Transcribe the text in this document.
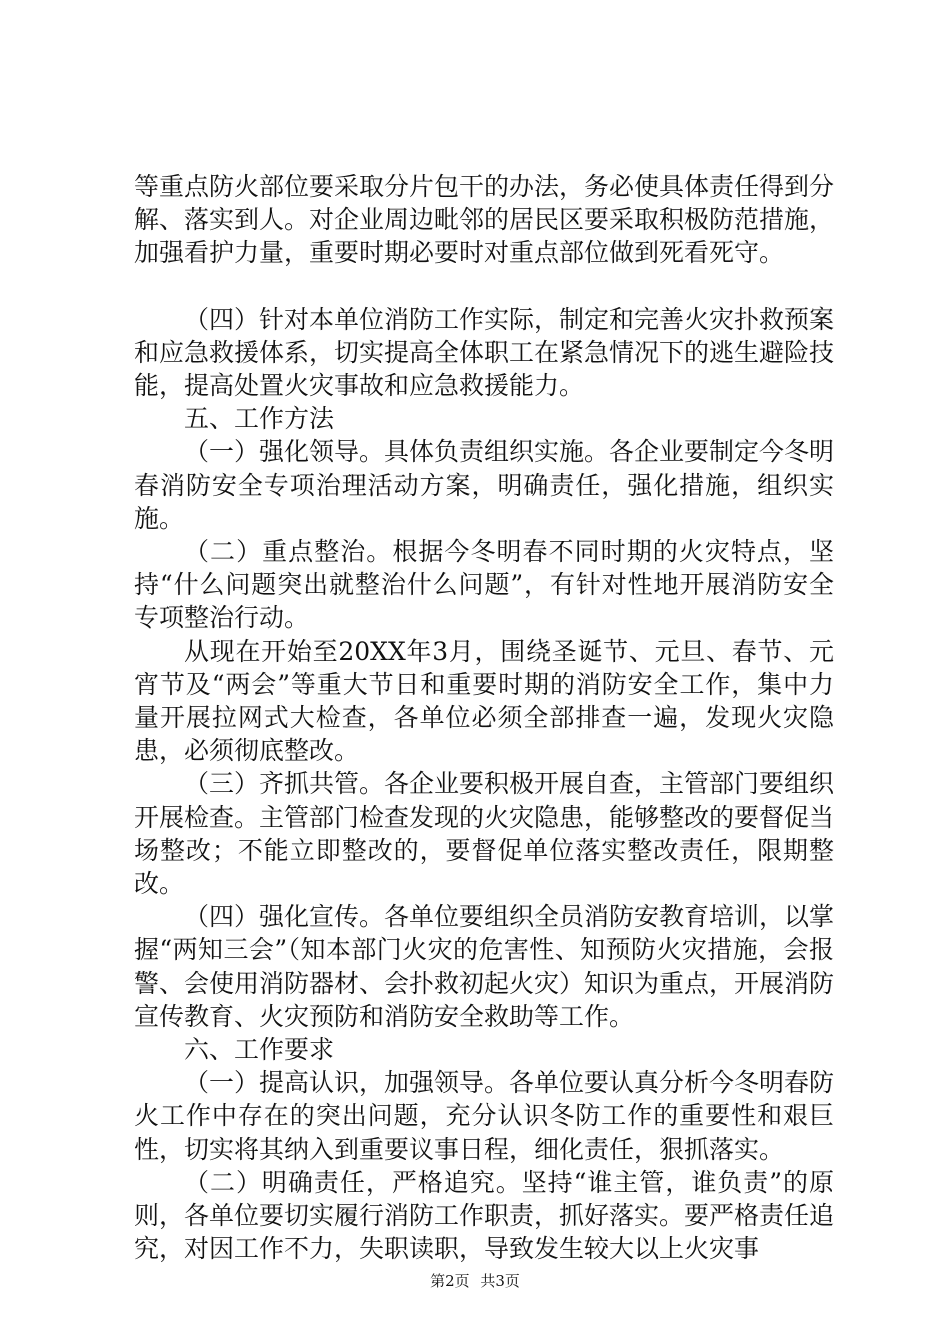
等重点防火部位要采取分片包干的办法，务必使具体责任得到分解、落实到人。对企业周边毗邻的居民区要采取积极防范措施，加强看护力量，重要时期必要时对重点部位做到死看死守。

（四）针对本单位消防工作实际，制定和完善火灾扑救预案和应急救援体系，切实提高全体职工在紧急情况下的逃生避险技能，提高处置火灾事故和应急救援能力。

五、工作方法

（一）强化领导。具体负责组织实施。各企业要制定今冬明春消防安全专项治理活动方案，明确责任，强化措施，组织实施。

（二）重点整治。根据今冬明春不同时期的火灾特点，坚持“什么问题突出就整治什么问题”，有针对性地开展消防安全专项整治行动。

从现在开始至20XX年3月，围绕圣诞节、元旦、春节、元宵节及“两会”等重大节日和重要时期的消防安全工作，集中力量开展拉网式大检查，各单位必须全部排查一遍，发现火灾隐患，必须彻底整改。

（三）齐抓共管。各企业要积极开展自查，主管部门要组织开展检查。主管部门检查发现的火灾隐患，能够整改的要督促当场整改；不能立即整改的，要督促单位落实整改责任，限期整改。

（四）强化宣传。各单位要组织全员消防安教育培训，以掌握“两知三会”（知本部门火灾的危害性、知预防火灾措施，会报警、会使用消防器材、会扑救初起火灾）知识为重点，开展消防宣传教育、火灾预防和消防安全救助等工作。

六、工作要求

（一）提高认识，加强领导。各单位要认真分析今冬明春防火工作中存在的突出问题，充分认识冬防工作的重要性和艰巨性，切实将其纳入到重要议事日程，细化责任，狠抓落实。

（二）明确责任，严格追究。坚持“谁主管，谁负责”的原则，各单位要切实履行消防工作职责，抓好落实。要严格责任追究，对因工作不力，失职读职，导致发生较大以上火灾事

第2页 共3页
